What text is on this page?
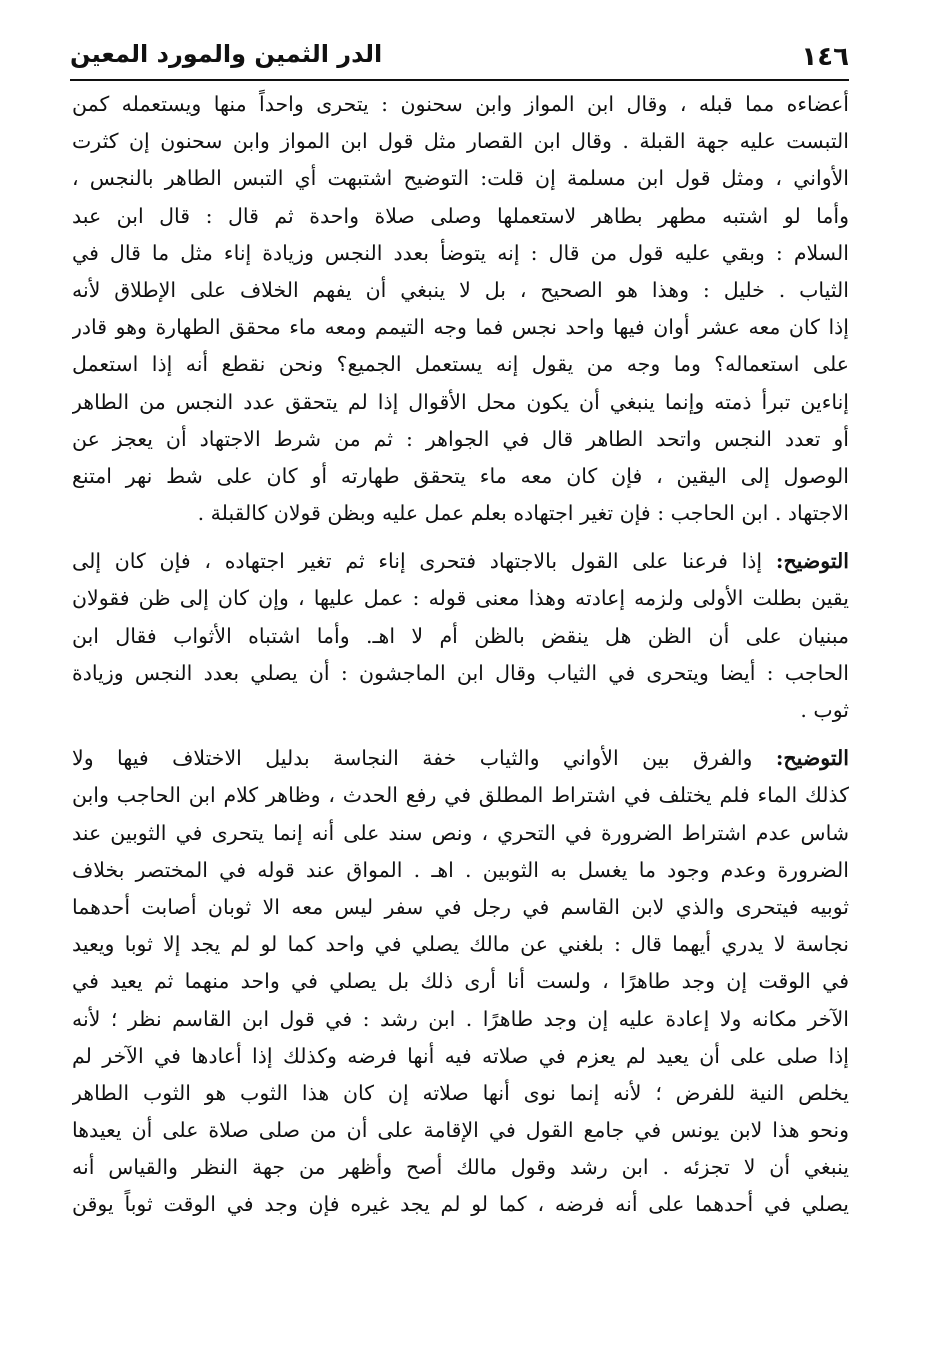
١٤٦
الدر الثمين والمورد المعين
أعضاءه مما قبله ، وقال ابن المواز وابن سحنون : يتحرى واحداً منها ويستعمله كمن
التبست عليه جهة القبلة . وقال ابن القصار مثل قول ابن المواز وابن سحنون إن كثرت
الأواني ، ومثل قول ابن مسلمة إن قلت: التوضيح اشتبهت أي التبس الطاهر بالنجس ،
وأما لو اشتبه مطهر بطاهر لاستعملها وصلى صلاة واحدة ثم قال : قال ابن عبد
السلام : وبقي عليه قول من قال : إنه يتوضأ بعدد النجس وزيادة إناء مثل ما قال في
الثياب . خليل : وهذا هو الصحيح ، بل لا ينبغي أن يفهم الخلاف على الإطلاق لأنه
إذا كان معه عشر أوان فيها واحد نجس فما وجه التيمم ومعه ماء محقق الطهارة وهو قادر
على استعماله؟ وما وجه من يقول إنه يستعمل الجميع؟ ونحن نقطع أنه إذا استعمل
إناءين تبرأ ذمته وإنما ينبغي أن يكون محل الأقوال إذا لم يتحقق عدد النجس من الطاهر
أو تعدد النجس واتحد الطاهر قال في الجواهر : ثم من شرط الاجتهاد أن يعجز عن
الوصول إلى اليقين ، فإن كان معه ماء يتحقق طهارته أو كان على شط نهر امتنع
الاجتهاد . ابن الحاجب : فإن تغير اجتهاده بعلم عمل عليه وبظن قولان كالقبلة .
التوضيح: إذا فرعنا على القول بالاجتهاد فتحرى إناء ثم تغير اجتهاده ، فإن كان إلى
يقين بطلت الأولى ولزمه إعادته وهذا معنى قوله : عمل عليها ، وإن كان إلى ظن فقولان
مبنيان على أن الظن هل ينقض بالظن أم لا اهـ. وأما اشتباه الأثواب فقال ابن
الحاجب : أيضا ويتحرى في الثياب وقال ابن الماجشون : أن يصلي بعدد النجس وزيادة
ثوب .
التوضيح: والفرق بين الأواني والثياب خفة النجاسة بدليل الاختلاف فيها ولا
كذلك الماء فلم يختلف في اشتراط المطلق في رفع الحدث ، وظاهر كلام ابن الحاجب وابن
شاس عدم اشتراط الضرورة في التحري ، ونص سند على أنه إنما يتحرى في الثوبين عند
الضرورة وعدم وجود ما يغسل به الثوبين . اهـ . المواق عند قوله في المختصر بخلاف
ثوبيه فيتحرى والذي لابن القاسم في رجل في سفر ليس معه الا ثوبان أصابت أحدهما
نجاسة لا يدري أيهما قال : بلغني عن مالك يصلي في واحد كما لو لم يجد إلا ثوبا ويعيد
في الوقت إن وجد طاهرًا ، ولست أنا أرى ذلك بل يصلي في واحد منهما ثم يعيد في
الآخر مكانه ولا إعادة عليه إن وجد طاهرًا . ابن رشد : في قول ابن القاسم نظر ؛ لأنه
إذا صلى على أن يعيد لم يعزم في صلاته فيه أنها فرضه وكذلك إذا أعادها في الآخر لم
يخلص النية للفرض ؛ لأنه إنما نوى أنها صلاته إن كان هذا الثوب هو الثوب الطاهر
ونحو هذا لابن يونس في جامع القول في الإقامة على أن من صلى صلاة على أن يعيدها
ينبغي أن لا تجزئه . ابن رشد وقول مالك أصح وأظهر من جهة النظر والقياس أنه
يصلي في أحدهما على أنه فرضه ، كما لو لم يجد غيره فإن وجد في الوقت ثوباً يوقن
